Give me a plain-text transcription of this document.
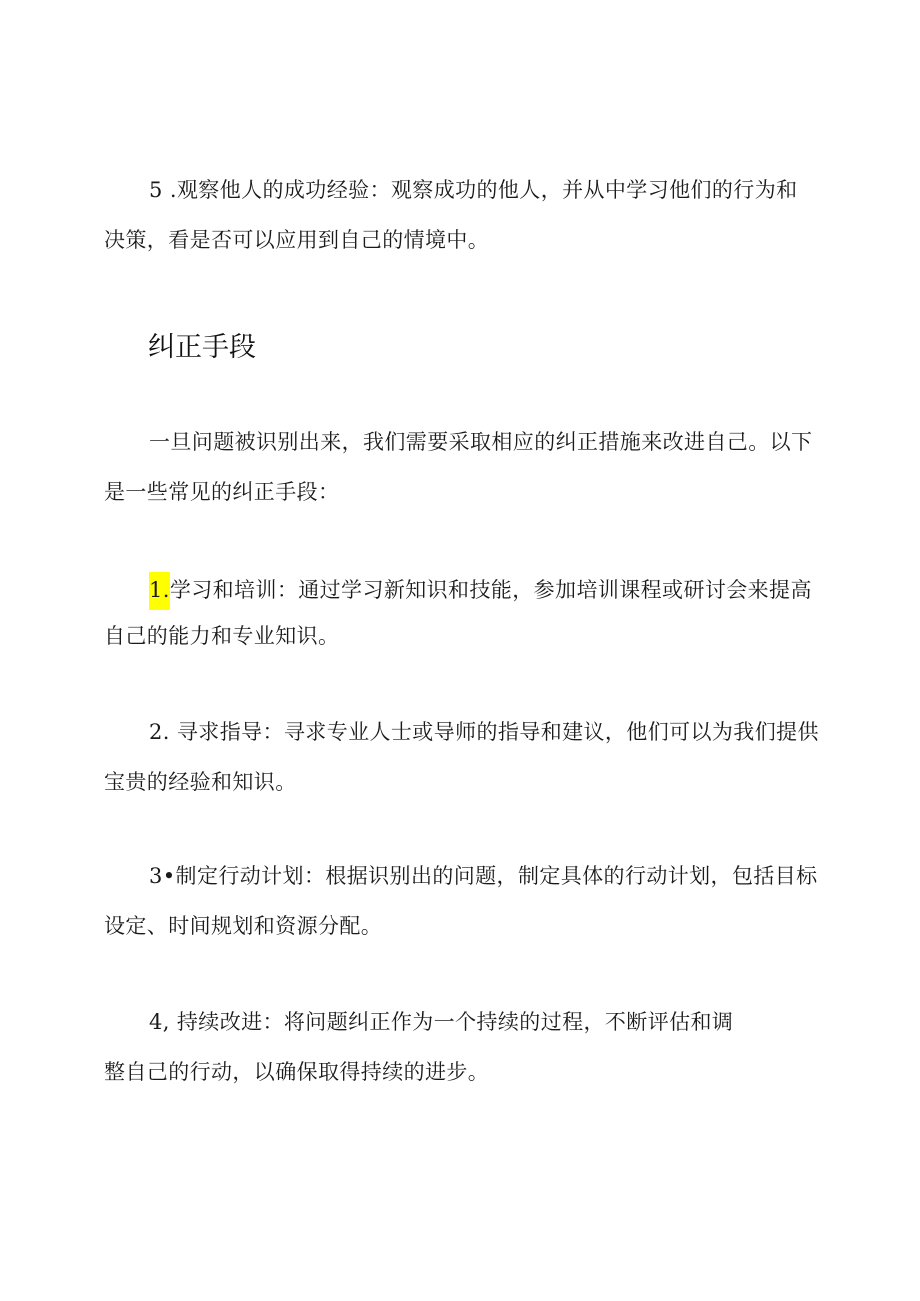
5 .观察他人的成功经验：观察成功的他人，并从中学习他们的行为和
决策，看是否可以应用到自己的情境中。
纠正手段
一旦问题被识别出来，我们需要采取相应的纠正措施来改进自己。以下
是一些常见的纠正手段：
1.学习和培训：通过学习新知识和技能，参加培训课程或研讨会来提高
自己的能力和专业知识。
2. 寻求指导：寻求专业人士或导师的指导和建议，他们可以为我们提供
宝贵的经验和知识。
3•制定行动计划：根据识别出的问题，制定具体的行动计划，包括目标
设定、时间规划和资源分配。
4, 持续改进：将问题纠正作为一个持续的过程，不断评估和调
整自己的行动，以确保取得持续的进步。
